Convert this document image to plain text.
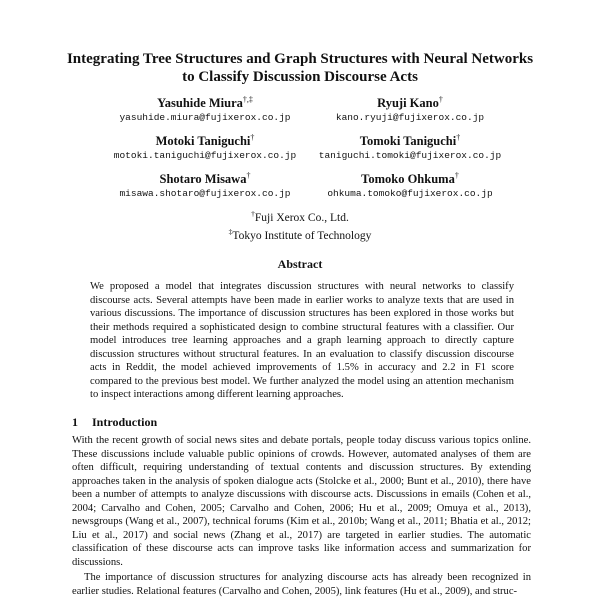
Integrating Tree Structures and Graph Structures with Neural Networks
to Classify Discussion Discourse Acts
Yasuhide Miura†,‡
yasuhide.miura@fujixerox.co.jp
Ryuji Kano†
kano.ryuji@fujixerox.co.jp
Motoki Taniguchi†
motoki.taniguchi@fujixerox.co.jp
Tomoki Taniguchi†
taniguchi.tomoki@fujixerox.co.jp
Shotaro Misawa†
misawa.shotaro@fujixerox.co.jp
Tomoko Ohkuma†
ohkuma.tomoko@fujixerox.co.jp
†Fuji Xerox Co., Ltd.
‡Tokyo Institute of Technology
Abstract
We proposed a model that integrates discussion structures with neural networks to classify discourse acts. Several attempts have been made in earlier works to analyze texts that are used in various discussions. The importance of discussion structures has been explored in those works but their methods required a sophisticated design to combine structural features with a classifier. Our model introduces tree learning approaches and a graph learning approach to directly capture discussion structures without structural features. In an evaluation to classify discussion discourse acts in Reddit, the model achieved improvements of 1.5% in accuracy and 2.2 in F1 score compared to the previous best model. We further analyzed the model using an attention mechanism to inspect interactions among different learning approaches.
1 Introduction

With the recent growth of social news sites and debate portals, people today discuss various topics online. These discussions include valuable public opinions of crowds. However, automated analyses of them are often difficult, requiring understanding of textual contents and discussion structures. By extending approaches taken in the analysis of spoken dialogue acts (Stolcke et al., 2000; Bunt et al., 2010), there have been a number of attempts to analyze discussions with discourse acts. Discussions in emails (Cohen et al., 2004; Carvalho and Cohen, 2005; Carvalho and Cohen, 2006; Hu et al., 2009; Omuya et al., 2013), newsgroups (Wang et al., 2007), technical forums (Kim et al., 2010b; Wang et al., 2011; Bhatia et al., 2012; Liu et al., 2017) and social news (Zhang et al., 2017) are targeted in earlier studies. The automatic classification of these discourse acts can improve tasks like information access and summarization for discussions.

The importance of discussion structures for analyzing discourse acts has already been recognized in earlier studies. Relational features (Carvalho and Cohen, 2005), link features (Hu et al., 2009), and struc-
